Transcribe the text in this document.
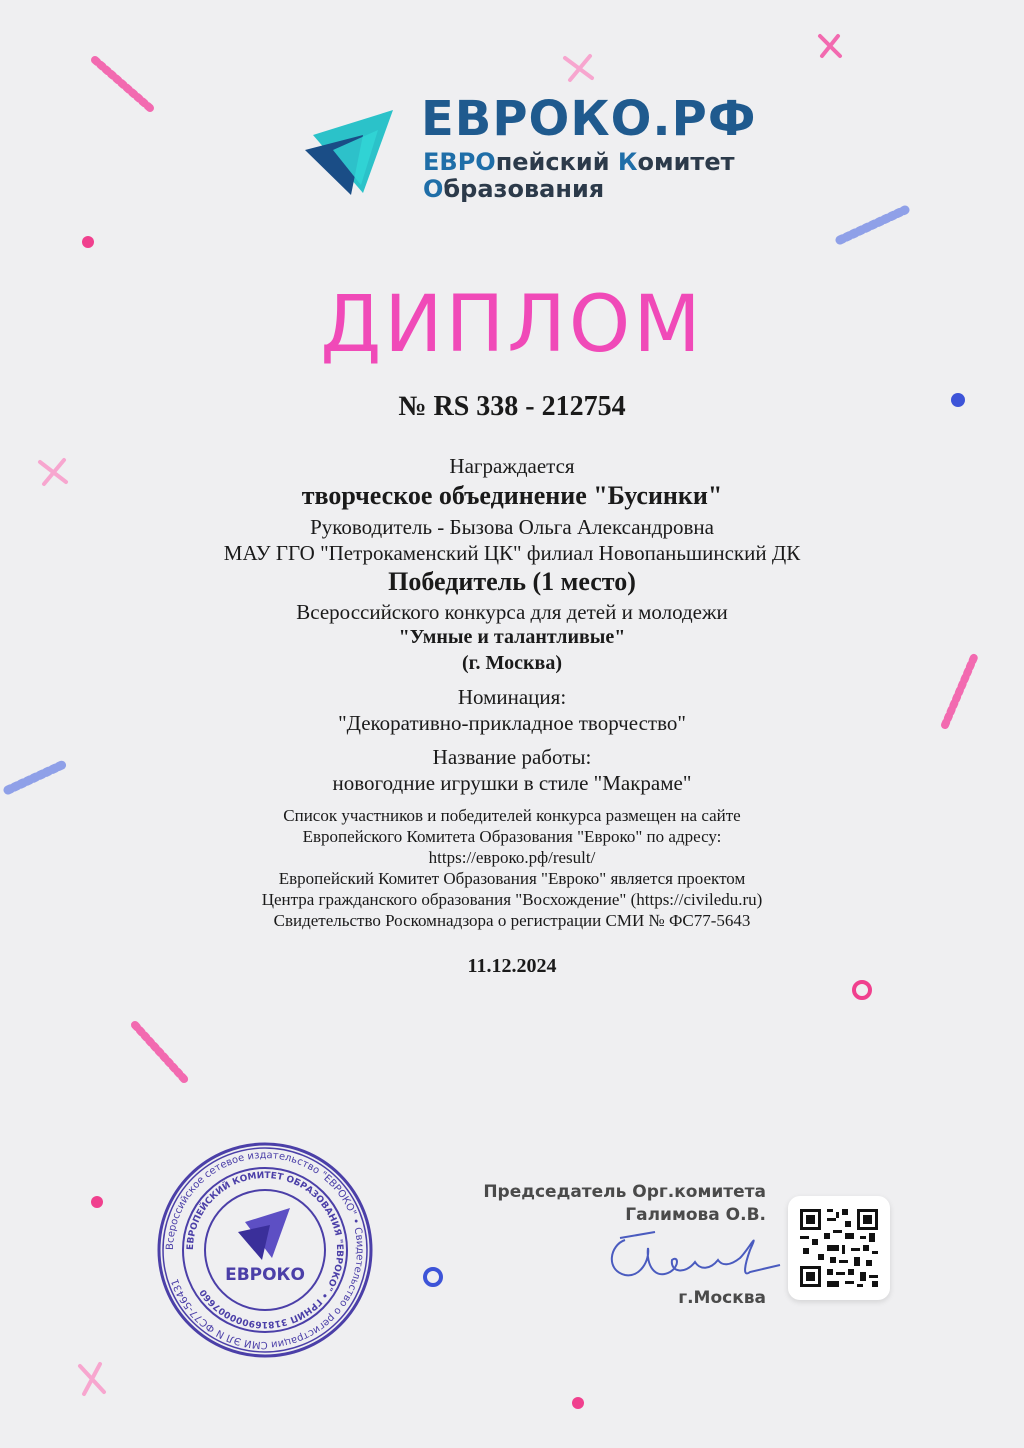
ЕВРОКО.РФ
ЕВРОпейский Комитет
Образования
ДИПЛОМ
№ RS 338 - 212754
Награждается
творческое объединение "Бусинки"
Руководитель - Бызова Ольга Александровна
МАУ ГГО "Петрокаменский ЦК" филиал Новопаньшинский ДК
Победитель (1 место)
Всероссийского конкурса для детей и молодежи
"Умные и талантливые"
(г. Москва)
Номинация:
"Декоративно-прикладное творчество"
Название работы:
новогодние игрушки в стиле "Макраме"
Список участников и победителей конкурса размещен на сайте
Европейского Комитета Образования "Евроко" по адресу:
https://евроко.рф/result/
Европейский Комитет Образования "Евроко" является проектом
Центра гражданского образования "Восхождение" (https://civiledu.ru)
Свидетельство Роскомнадзора о регистрации СМИ № ФС77-5643
11.12.2024
Всероссийское сетевое издательство "ЕВРОКО" • Свидетельство о регистрации СМИ ЭЛ N ФС77-56431
ЕВРОПЕЙСКИЙ КОМИТЕТ ОБРАЗОВАНИЯ "ЕВРОКО" • ГРНИП 318169000007660
ЕВРОКО
Председатель Орг.комитета
Галимова О.В.
г.Москва
